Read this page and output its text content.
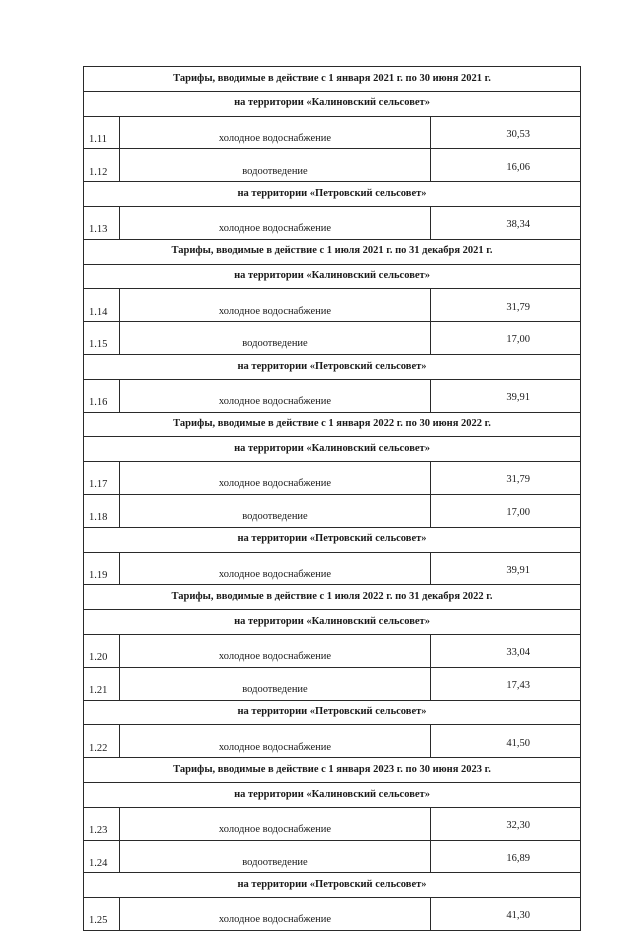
Тарифы, вводимые в действие с 1 января 2021 г. по 30 июня 2021 г.		
на территории «Калиновский сельсовет»		
1.11	холодное водоснабжение	30,53
1.12	водоотведение	16,06
на территории «Петровский сельсовет»		
1.13	холодное водоснабжение	38,34
Тарифы, вводимые в действие с 1 июля 2021 г. по 31 декабря 2021 г.		
на территории «Калиновский сельсовет»		
1.14	холодное водоснабжение	31,79
1.15	водоотведение	17,00
на территории «Петровский сельсовет»		
1.16	холодное водоснабжение	39,91
Тарифы, вводимые в действие с 1 января 2022 г. по 30 июня 2022 г.		
на территории «Калиновский сельсовет»		
1.17	холодное водоснабжение	31,79
1.18	водоотведение	17,00
на территории «Петровский сельсовет»		
1.19	холодное водоснабжение	39,91
Тарифы, вводимые в действие с 1 июля 2022 г. по 31 декабря 2022 г.		
на территории «Калиновский сельсовет»		
1.20	холодное водоснабжение	33,04
1.21	водоотведение	17,43
на территории «Петровский сельсовет»		
1.22	холодное водоснабжение	41,50
Тарифы, вводимые в действие с 1 января 2023 г. по 30 июня 2023 г.		
на территории «Калиновский сельсовет»		
1.23	холодное водоснабжение	32,30
1.24	водоотведение	16,89
на территории «Петровский сельсовет»		
1.25	холодное водоснабжение	41,30
